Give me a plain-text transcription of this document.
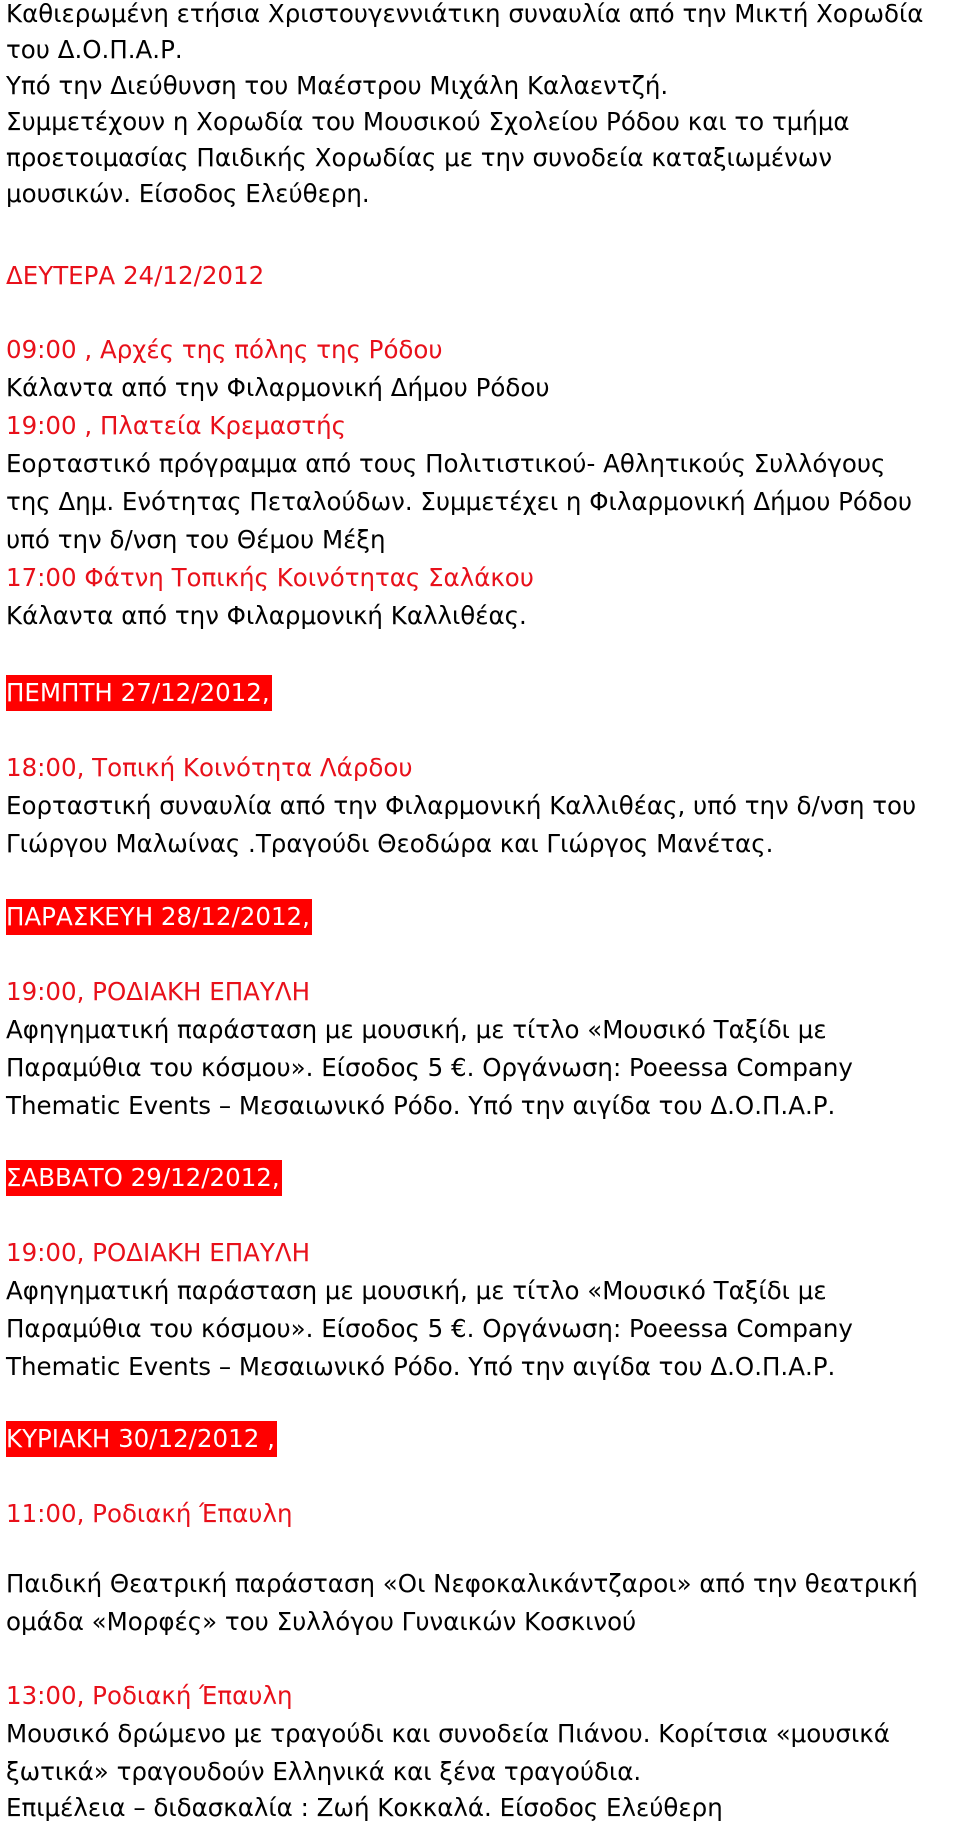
Καθιερωμένη ετήσια Χριστουγεννιάτικη συναυλία από την Μικτή Χορωδία
του Δ.Ο.Π.Α.Ρ.
Υπό την Διεύθυνση του Μαέστρου Μιχάλη Καλαεντζή.
Συμμετέχουν η Χορωδία του Μουσικού Σχολείου Ρόδου και το τμήμα
προετοιμασίας Παιδικής Χορωδίας με την συνοδεία καταξιωμένων
μουσικών. Είσοδος Ελεύθερη.
ΔΕΥΤΕΡΑ 24/12/2012
09:00 , Αρχές της πόλης της Ρόδου
Κάλαντα από την Φιλαρμονική Δήμου Ρόδου
19:00 , Πλατεία Κρεμαστής
Εορταστικό πρόγραμμα από τους Πολιτιστικού- Αθλητικούς Συλλόγους
της Δημ. Ενότητας Πεταλούδων. Συμμετέχει η Φιλαρμονική Δήμου Ρόδου
υπό την δ/νση του Θέμου Μέξη
17:00 Φάτνη Τοπικής Κοινότητας Σαλάκου
Κάλαντα από την Φιλαρμονική Καλλιθέας.
ΠΕΜΠΤΗ 27/12/2012,
18:00, Τοπική Κοινότητα Λάρδου
Εορταστική συναυλία από την Φιλαρμονική Καλλιθέας, υπό την δ/νση του
Γιώργου Μαλωίνας .Τραγούδι Θεοδώρα και Γιώργος Μανέτας.
ΠΑΡΑΣΚΕΥΗ 28/12/2012,
19:00, ΡΟΔΙΑΚΗ ΕΠΑΥΛΗ
Αφηγηματική παράσταση με μουσική, με τίτλο «Μουσικό Ταξίδι με
Παραμύθια του κόσμου». Είσοδος 5 €. Οργάνωση: Poeessa Company
Thematic Events – Μεσαιωνικό Ρόδο. Υπό την αιγίδα του Δ.Ο.Π.Α.Ρ.
ΣΑΒΒΑΤΟ 29/12/2012,
19:00, ΡΟΔΙΑΚΗ ΕΠΑΥΛΗ
Αφηγηματική παράσταση με μουσική, με τίτλο «Μουσικό Ταξίδι με
Παραμύθια του κόσμου». Είσοδος 5 €. Οργάνωση: Poeessa Company
Thematic Events – Μεσαιωνικό Ρόδο. Υπό την αιγίδα του Δ.Ο.Π.Α.Ρ.
ΚΥΡΙΑΚΗ 30/12/2012 ,
11:00, Ροδιακή Έπαυλη
Παιδική Θεατρική παράσταση «Οι Νεφοκαλικάντζαροι» από την θεατρική
ομάδα «Μορφές» του Συλλόγου Γυναικών Κοσκινού
13:00, Ροδιακή Έπαυλη
Μουσικό δρώμενο με τραγούδι και συνοδεία Πιάνου. Κορίτσια «μουσικά
ξωτικά» τραγουδούν Ελληνικά και ξένα τραγούδια.
Επιμέλεια – διδασκαλία : Ζωή Κοκκαλά. Είσοδος Ελεύθερη
